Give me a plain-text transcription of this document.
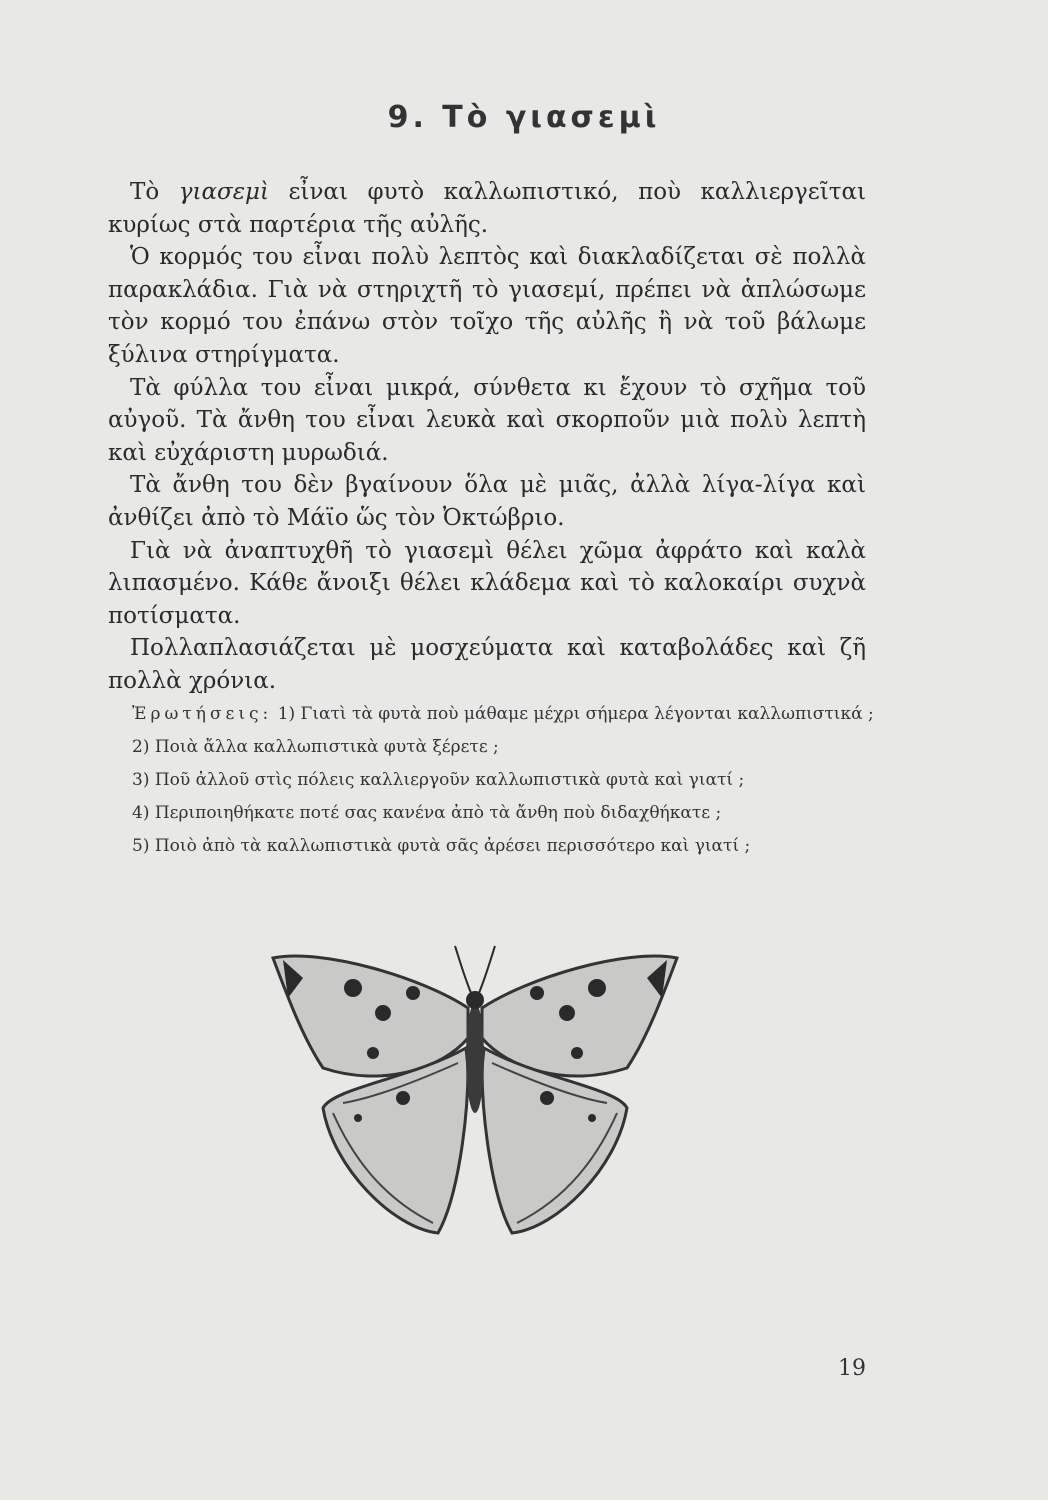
9. Τὸ γιασεμὶ

Τὸ γιασεμὶ εἶναι φυτὸ καλλωπιστικό, ποὺ καλλιεργεῖται κυρίως στὰ παρτέρια τῆς αὐλῆς.

Ὁ κορμός του εἶναι πολὺ λεπτὸς καὶ διακλαδίζεται σὲ πολλὰ παρακλάδια. Γιὰ νὰ στηριχτῆ τὸ γιασεμί, πρέπει νὰ ἁπλώσωμε τὸν κορμό του ἐπάνω στὸν τοῖχο τῆς αὐλῆς ἢ νὰ τοῦ βάλωμε ξύλινα στηρίγματα.

Τὰ φύλλα του εἶναι μικρά, σύνθετα κι ἔχουν τὸ σχῆμα τοῦ αὐγοῦ. Τὰ ἄνθη του εἶναι λευκὰ καὶ σκορποῦν μιὰ πολὺ λεπτὴ καὶ εὐχάριστη μυρωδιά.

Τὰ ἄνθη του δὲν βγαίνουν ὅλα μὲ μιᾶς, ἀλλὰ λίγα-λίγα καὶ ἀνθίζει ἀπὸ τὸ Μάϊο ὥς τὸν Ὀκτώβριο.

Γιὰ νὰ ἀναπτυχθῆ τὸ γιασεμὶ θέλει χῶμα ἀφράτο καὶ καλὰ λιπασμένο. Κάθε ἄνοιξι θέλει κλάδεμα καὶ τὸ καλοκαίρι συχνὰ ποτίσματα.

Πολλαπλασιάζεται μὲ μοσχεύματα καὶ καταβολάδες καὶ ζῆ πολλὰ χρόνια.

Ἐρωτήσεις: 1) Γιατὶ τὰ φυτὰ ποὺ μάθαμε μέχρι σήμερα λέγονται καλλωπιστικά ;

2) Ποιὰ ἄλλα καλλωπιστικὰ φυτὰ ξέρετε ;

3) Ποῦ ἀλλοῦ στὶς πόλεις καλλιεργοῦν καλλωπιστικὰ φυτὰ καὶ γιατί ;

4) Περιποιηθήκατε ποτέ σας κανένα ἀπὸ τὰ ἄνθη ποὺ διδαχθήκατε ;

5) Ποιὸ ἀπὸ τὰ καλλωπιστικὰ φυτὰ σᾶς ἀρέσει περισσότερο καὶ γιατί ;

19
